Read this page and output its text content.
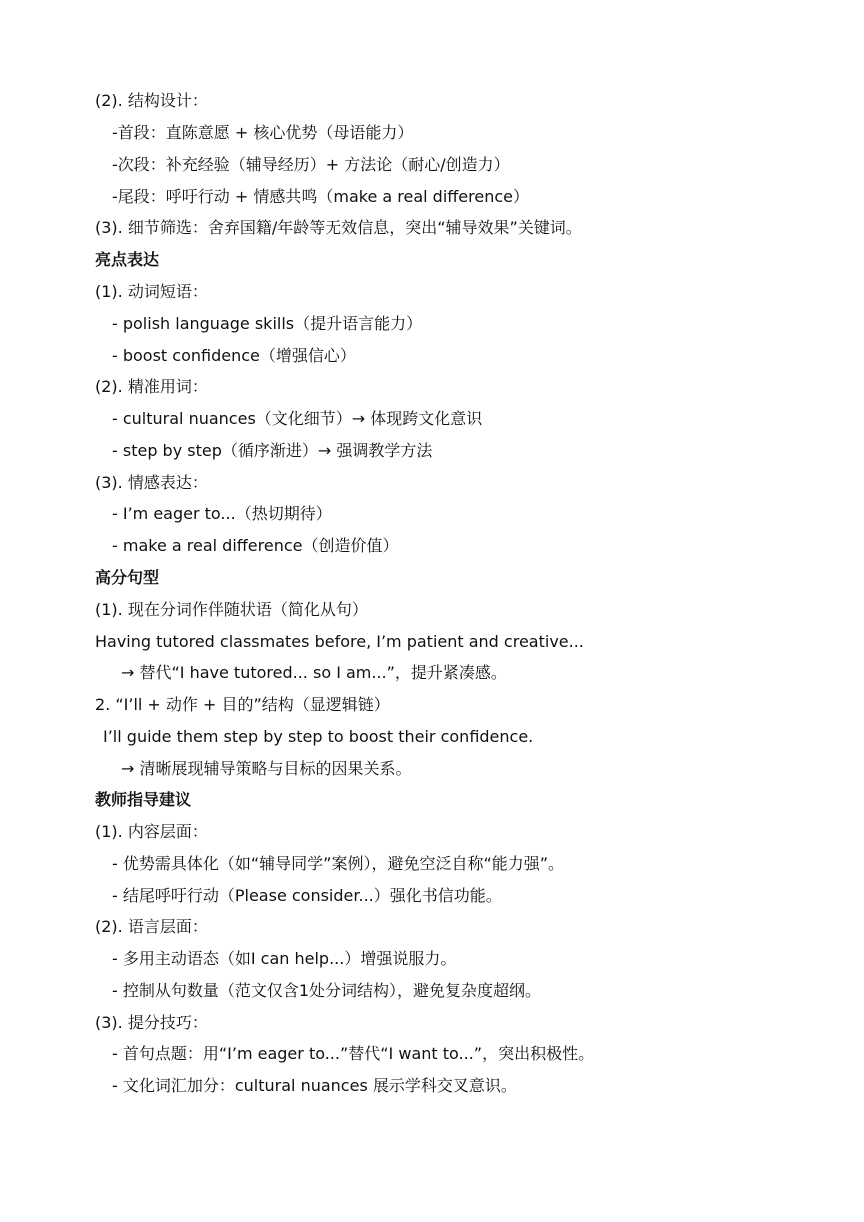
(2). 结构设计：
-首段：直陈意愿 + 核心优势（母语能力）
-次段：补充经验（辅导经历）+ 方法论（耐心/创造力）
-尾段：呼吁行动 + 情感共鸣（make a real difference）
(3). 细节筛选：舍弃国籍/年龄等无效信息，突出“辅导效果”关键词。
亮点表达
(1). 动词短语：
- polish language skills（提升语言能力）
- boost confidence（增强信心）
(2). 精准用词：
- cultural nuances（文化细节）→ 体现跨文化意识
- step by step（循序渐进）→ 强调教学方法
(3). 情感表达：
- I’m eager to...（热切期待）
- make a real difference（创造价值）
高分句型
(1). 现在分词作伴随状语（简化从句）
Having tutored classmates before, I’m patient and creative...
→ 替代“I have tutored... so I am...”，提升紧凑感。
2. “I’ll + 动作 + 目的”结构（显逻辑链）
I’ll guide them step by step to boost their confidence.
→ 清晰展现辅导策略与目标的因果关系。
教师指导建议
(1). 内容层面：
- 优势需具体化（如“辅导同学”案例），避免空泛自称“能力强”。
- 结尾呼吁行动（Please consider...）强化书信功能。
(2). 语言层面：
- 多用主动语态（如I can help...）增强说服力。
- 控制从句数量（范文仅含1处分词结构），避免复杂度超纲。
(3). 提分技巧：
- 首句点题：用“I’m eager to...”替代“I want to...”，突出积极性。
- 文化词汇加分：cultural nuances 展示学科交叉意识。
